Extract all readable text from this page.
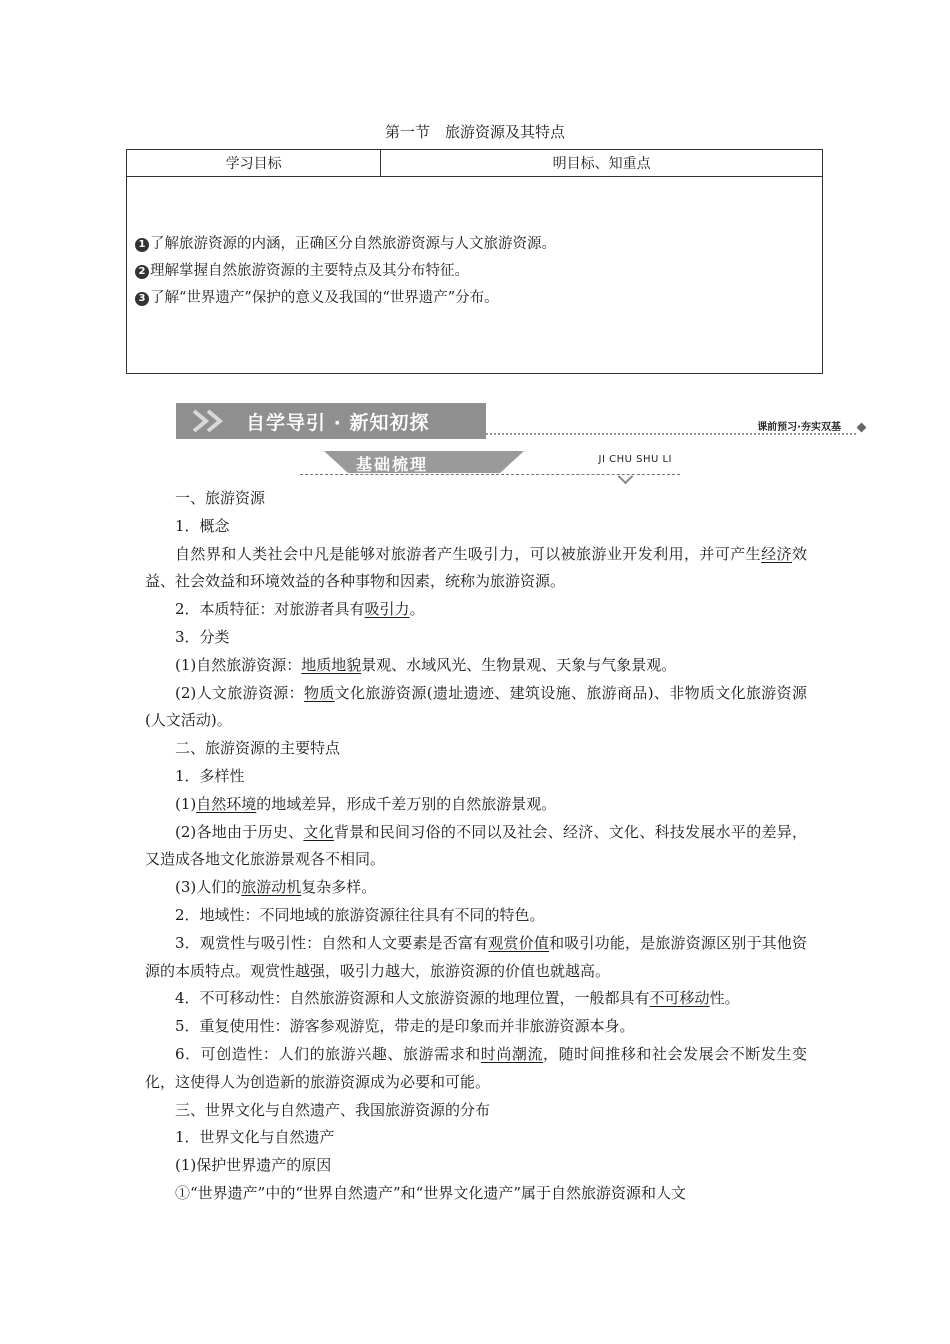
第一节　旅游资源及其特点
学习目标	明目标、知重点

1 了解旅游资源的内涵，正确区分自然旅游资源与人文旅游资源。
2 理解掌握自然旅游资源的主要特点及其分布特征。
3 了解“世界遗产”保护的意义及我国的“世界遗产”分布。
自学导引 · 新知初探	课前预习·夯实双基
基础梳理	JI CHU SHU LI

一、旅游资源

1．概念

自然界和人类社会中凡是能够对旅游者产生吸引力，可以被旅游业开发利用，并可产生经济效益、社会效益和环境效益的各种事物和因素，统称为旅游资源。

2．本质特征：对旅游者具有吸引力。

3．分类

(1)自然旅游资源：地质地貌景观、水域风光、生物景观、天象与气象景观。

(2)人文旅游资源：物质文化旅游资源(遗址遗迹、建筑设施、旅游商品)、非物质文化旅游资源(人文活动)。

二、旅游资源的主要特点

1．多样性

(1)自然环境的地域差异，形成千差万别的自然旅游景观。

(2)各地由于历史、文化背景和民间习俗的不同以及社会、经济、文化、科技发展水平的差异，又造成各地文化旅游景观各不相同。

(3)人们的旅游动机复杂多样。

2．地域性：不同地域的旅游资源往往具有不同的特色。

3．观赏性与吸引性：自然和人文要素是否富有观赏价值和吸引功能，是旅游资源区别于其他资源的本质特点。观赏性越强，吸引力越大，旅游资源的价值也就越高。

4．不可移动性：自然旅游资源和人文旅游资源的地理位置，一般都具有不可移动性。

5．重复使用性：游客参观游览，带走的是印象而并非旅游资源本身。

6．可创造性：人们的旅游兴趣、旅游需求和时尚潮流，随时间推移和社会发展会不断发生变化，这使得人为创造新的旅游资源成为必要和可能。

三、世界文化与自然遗产、我国旅游资源的分布

1．世界文化与自然遗产

(1)保护世界遗产的原因

①“世界遗产”中的“世界自然遗产”和“世界文化遗产”属于自然旅游资源和人文
